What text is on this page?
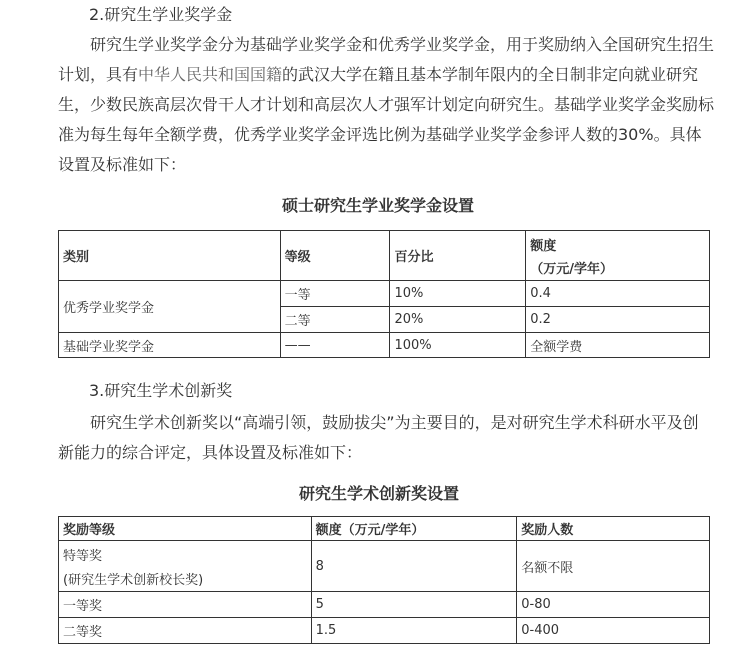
2.研究生学业奖学金
研究生学业奖学金分为基础学业奖学金和优秀学业奖学金，用于奖励纳入全国研究生招生计划，具有中华人民共和国国籍的武汉大学在籍且基本学制年限内的全日制非定向就业研究生，少数民族高层次骨干人才计划和高层次人才强军计划定向研究生。基础学业奖学金奖励标准为每生每年全额学费，优秀学业奖学金评选比例为基础学业奖学金参评人数的30%。具体设置及标准如下：
硕士研究生学业奖学金设置
类别	等级	百分比	额度
（万元/学年）

优秀学业奖学金	一等	10%	0.4
	二等	20%	0.2
基础学业奖学金	——	100%	全额学费
3.研究生学术创新奖
研究生学术创新奖以“高端引领，鼓励拔尖”为主要目的，是对研究生学术科研水平及创新能力的综合评定，具体设置及标准如下：
研究生学术创新奖设置
奖励等级	额度（万元/学年）	奖励人数

特等奖
(研究生学术创新校长奖)	8	名额不限
一等奖	5	0-80
二等奖	1.5	0-400
